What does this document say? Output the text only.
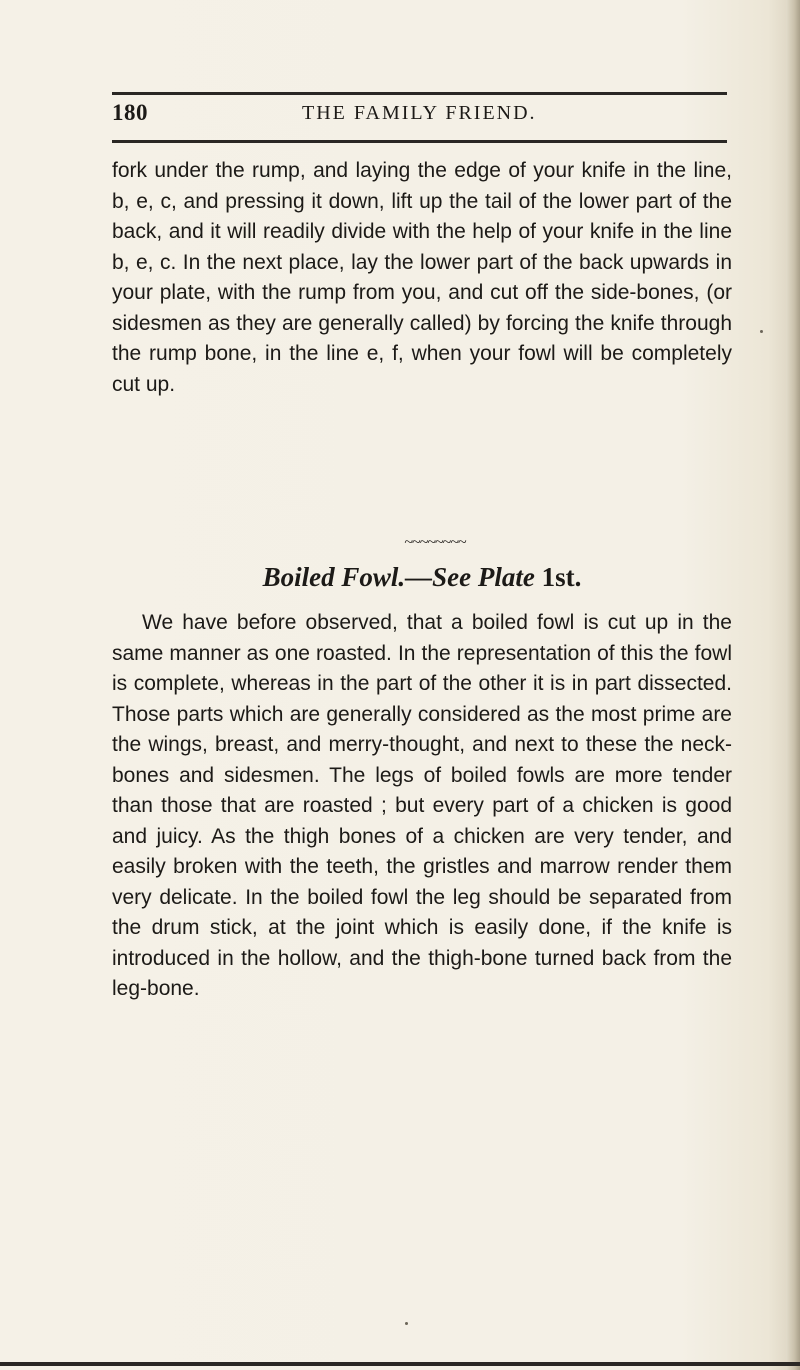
180	THE FAMILY FRIEND.

fork under the rump, and laying the edge of your knife in the line, b, e, c, and pressing it down, lift up the tail of the lower part of the back, and it will readily divide with the help of your knife in the line b, e, c. In the next place, lay the lower part of the back upwards in your plate, with the rump from you, and cut off the side-bones, (or sidesmen as they are generally called) by forcing the knife through the rump bone, in the line e, f, when your fowl will be completely cut up.

~~~~~~~~
Boiled Fowl.—See Plate 1st.

We have before observed, that a boiled fowl is cut up in the same manner as one roasted. In the representation of this the fowl is complete, whereas in the part of the other it is in part dissected. Those parts which are generally considered as the most prime are the wings, breast, and merry-thought, and next to these the neck-bones and sidesmen. The legs of boiled fowls are more tender than those that are roasted ; but every part of a chicken is good and juicy. As the thigh bones of a chicken are very tender, and easily broken with the teeth, the gristles and marrow render them very delicate. In the boiled fowl the leg should be separated from the drum stick, at the joint which is easily done, if the knife is introduced in the hollow, and the thigh-bone turned back from the leg-bone.
